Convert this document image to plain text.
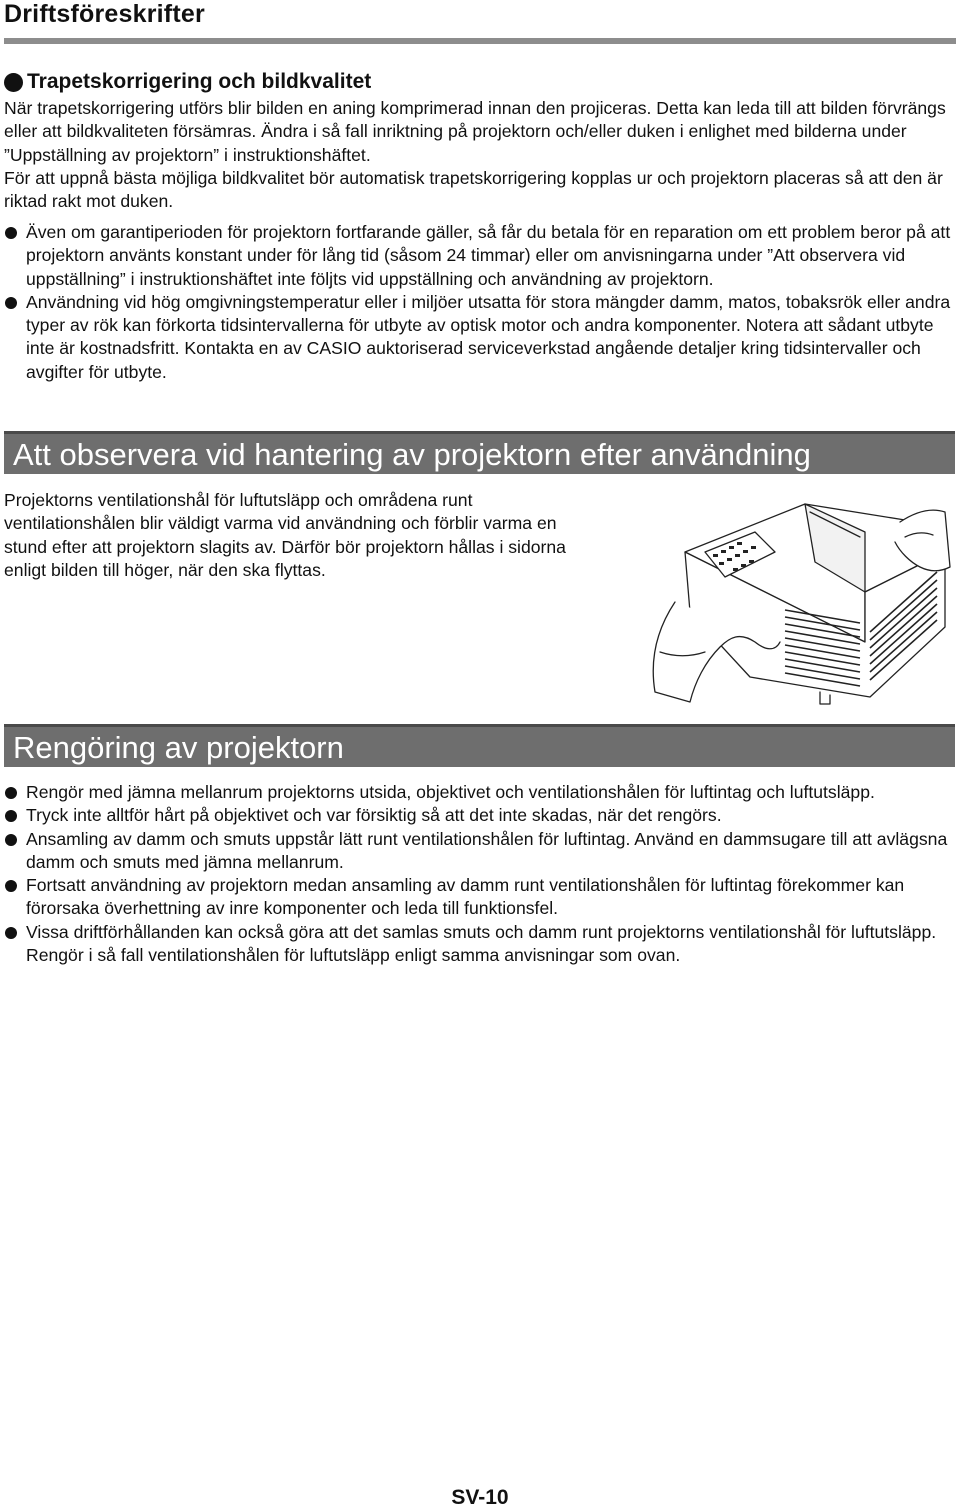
Driftsföreskrifter
Trapetskorrigering och bildkvalitet

När trapetskorrigering utförs blir bilden en aning komprimerad innan den projiceras. Detta kan leda till att bilden förvrängs eller att bildkvaliteten försämras. Ändra i så fall inriktning på projektorn och/eller duken i enlighet med bilderna under ”Uppställning av projektorn” i instruktionshäftet.

För att uppnå bästa möjliga bildkvalitet bör automatisk trapetskorrigering kopplas ur och projektorn placeras så att den är riktad rakt mot duken.

Även om garantiperioden för projektorn fortfarande gäller, så får du betala för en reparation om ett problem beror på att projektorn använts konstant under för lång tid (såsom 24 timmar) eller om anvisningarna under ”Att observera vid uppställning” i instruktionshäftet inte följts vid uppställning och användning av projektorn.
Användning vid hög omgivningstemperatur eller i miljöer utsatta för stora mängder damm, matos, tobaksrök eller andra typer av rök kan förkorta tidsintervallerna för utbyte av optisk motor och andra komponenter. Notera att sådant utbyte inte är kostnadsfritt. Kontakta en av CASIO auktoriserad serviceverkstad angående detaljer kring tidsintervaller och avgifter för utbyte.
Att observera vid hantering av projektorn efter användning

Projektorns ventilationshål för luftutsläpp och områdena runt ventilationshålen blir väldigt varma vid användning och förblir varma en stund efter att projektorn slagits av. Därför bör projektorn hållas i sidorna enligt bilden till höger, när den ska flyttas.

Rengöring av projektorn
Rengör med jämna mellanrum projektorns utsida, objektivet och ventilationshålen för luftintag och luftutsläpp.
Tryck inte alltför hårt på objektivet och var försiktig så att det inte skadas, när det rengörs.
Ansamling av damm och smuts uppstår lätt runt ventilationshålen för luftintag. Använd en dammsugare till att avlägsna damm och smuts med jämna mellanrum.
Fortsatt användning av projektorn medan ansamling av damm runt ventilationshålen för luftintag förekommer kan förorsaka överhettning av inre komponenter och leda till funktionsfel.
Vissa driftförhållanden kan också göra att det samlas smuts och damm runt projektorns ventilationshål för luftutsläpp. Rengör i så fall ventilationshålen för luftutsläpp enligt samma anvisningar som ovan.
SV-10
